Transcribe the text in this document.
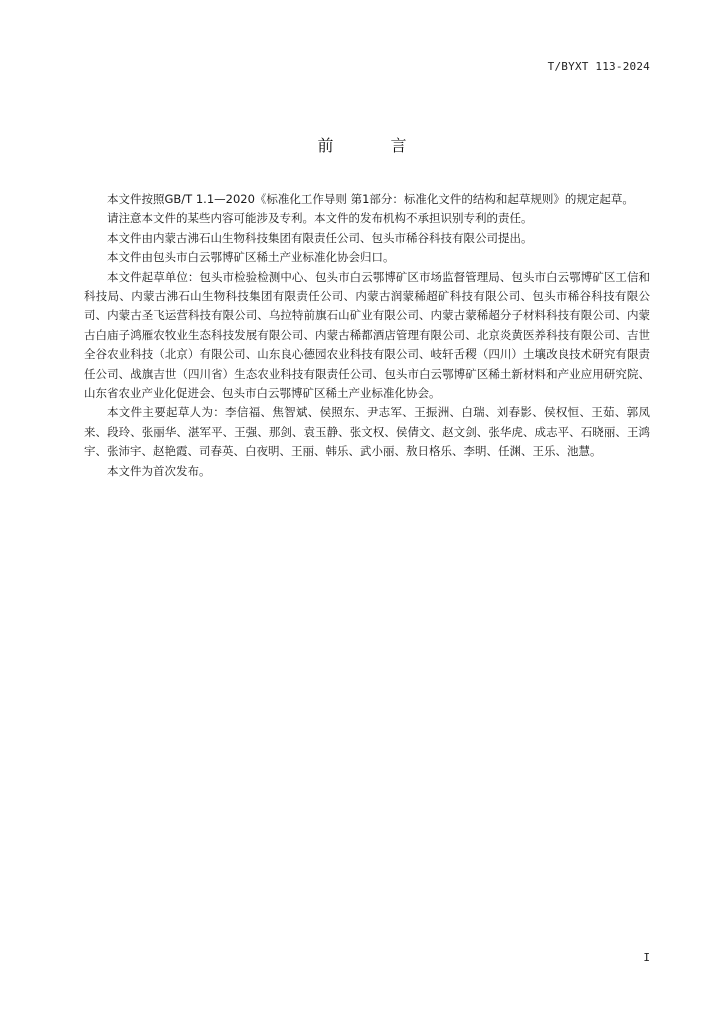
T/BYXT 113-2024
前 言

本文件按照GB/T 1.1—2020《标准化工作导则 第1部分：标准化文件的结构和起草规则》的规定起草。

请注意本文件的某些内容可能涉及专利。本文件的发布机构不承担识别专利的责任。

本文件由内蒙古沸石山生物科技集团有限责任公司、包头市稀谷科技有限公司提出。

本文件由包头市白云鄂博矿区稀土产业标准化协会归口。

本文件起草单位：包头市检验检测中心、包头市白云鄂博矿区市场监督管理局、包头市白云鄂博矿区工信和科技局、内蒙古沸石山生物科技集团有限责任公司、内蒙古润蒙稀超矿科技有限公司、包头市稀谷科技有限公司、内蒙古圣飞运营科技有限公司、乌拉特前旗石山矿业有限公司、内蒙古蒙稀超分子材料科技有限公司、内蒙古白庙子鸿雁农牧业生态科技发展有限公司、内蒙古稀都酒店管理有限公司、北京炎黄医养科技有限公司、吉世全谷农业科技（北京）有限公司、山东良心德园农业科技有限公司、岐轩舌稷（四川）土壤改良技术研究有限责任公司、战旗吉世（四川省）生态农业科技有限责任公司、包头市白云鄂博矿区稀土新材料和产业应用研究院、山东省农业产业化促进会、包头市白云鄂博矿区稀土产业标准化协会。

本文件主要起草人为：李信福、焦智斌、侯照东、尹志军、王振洲、白瑞、刘春影、侯权恒、王茹、郭凤来、段玲、张丽华、湛军平、王强、那剑、袁玉静、张文权、侯倩文、赵文剑、张华虎、成志平、石晓丽、王鸿宇、张沛宇、赵艳霞、司春英、白夜明、王丽、韩乐、武小丽、敖日格乐、李明、任渊、王乐、池慧。

本文件为首次发布。

I
